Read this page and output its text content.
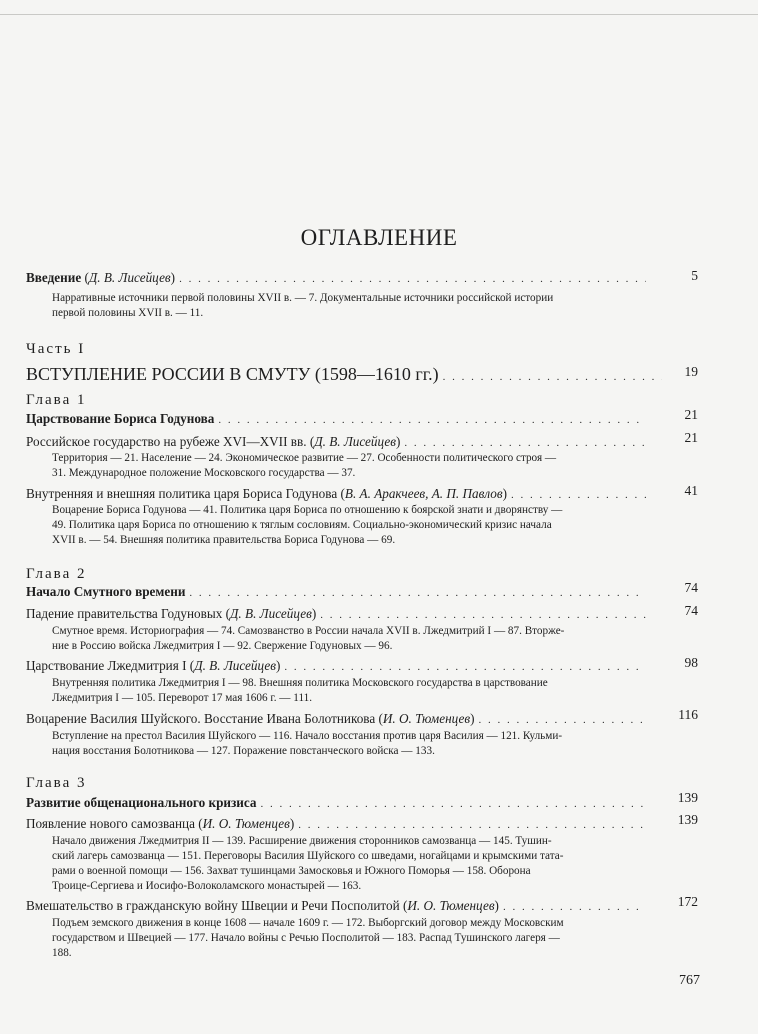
ОГЛАВЛЕНИЕ
Введение (Д. В. Лисейцев) . . .	5
Нарративные источники первой половины XVII в. — 7. Документальные источники российской истории
первой половины XVII в. — 11.
Часть I
ВСТУПЛЕНИЕ РОССИИ В СМУТУ (1598—1610 гг.) . . .	19
Глава 1
Царствование Бориса Годунова . . .	21
Российское государство на рубеже XVI—XVII вв. (Д. В. Лисейцев) . . .	21
Территория — 21. Население — 24. Экономическое развитие — 27. Особенности политического строя —
31. Международное положение Московского государства — 37.
Внутренняя и внешняя политика царя Бориса Годунова (В. А. Аракчеев, А. П. Павлов) . . .	41
Воцарение Бориса Годунова — 41. Политика царя Бориса по отношению к боярской знати и дворянству —
49. Политика царя Бориса по отношению к тяглым сословиям. Социально-экономический кризис начала
XVII в. — 54. Внешняя политика правительства Бориса Годунова — 69.
Глава 2
Начало Смутного времени . . .	74
Падение правительства Годуновых (Д. В. Лисейцев) . . .	74
Смутное время. Историография — 74. Самозванство в России начала XVII в. Лжедмитрий I — 87. Вторже-
ние в Россию войска Лжедмитрия I — 92. Свержение Годуновых — 96.
Царствование Лжедмитрия I (Д. В. Лисейцев) . . .	98
Внутренняя политика Лжедмитрия I — 98. Внешняя политика Московского государства в царствование
Лжедмитрия I — 105. Переворот 17 мая 1606 г. — 111.
Воцарение Василия Шуйского. Восстание Ивана Болотникова (И. О. Тюменцев) . . .	116
Вступление на престол Василия Шуйского — 116. Начало восстания против царя Василия — 121. Кульми-
нация восстания Болотникова — 127. Поражение повстанческого войска — 133.
Глава 3
Развитие общенационального кризиса . . .	139
Появление нового самозванца (И. О. Тюменцев) . . .	139
Начало движения Лжедмитрия II — 139. Расширение движения сторонников самозванца — 145. Тушин-
ский лагерь самозванца — 151. Переговоры Василия Шуйского со шведами, ногайцами и крымскими тата-
рами о военной помощи — 156. Захват тушинцами Замосковья и Южного Поморья — 158. Оборона
Троице-Сергиева и Иосифо-Волоколамского монастырей — 163.
Вмешательство в гражданскую войну Швеции и Речи Посполитой (И. О. Тюменцев) . . .	172
Подъем земского движения в конце 1608 — начале 1609 г. — 172. Выборгский договор между Московским
государством и Швецией — 177. Начало войны с Речью Посполитой — 183. Распад Тушинского лагеря —
188.
767
